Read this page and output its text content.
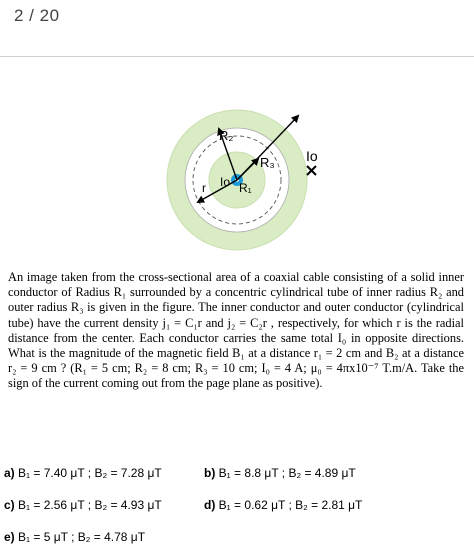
2 / 20
R₂
R₃
R₁
Io
r
Io
An image taken from the cross-sectional area of a coaxial cable consisting of a solid inner conductor of Radius R₁ surrounded by a concentric cylindrical tube of inner radius R₂ and outer radius R₃ is given in the figure. The inner conductor and outer conductor (cylindrical tube) have the current density j₁ = C₁r and j₂ = C₂r , respectively, for which r is the radial distance from the center. Each conductor carries the same total I₀ in opposite directions. What is the magnitude of the magnetic field B₁ at a distance r₁ = 2 cm and B₂ at a distance r₂ = 9 cm ? (R₁ = 5 cm; R₂ = 8 cm; R₃ = 10 cm; I₀ = 4 A; μ₀ = 4πx10⁻⁷ T.m/A. Take the sign of the current coming out from the page plane as positive).
a) B₁ = 7.40 μT ; B₂ = 7.28 μT	b) B₁ = 8.8 μT ; B₂ = 4.89 μT
c) B₁ = 2.56 μT ; B₂ = 4.93 μT	d) B₁ = 0.62 μT ; B₂ = 2.81 μT
e) B₁ = 5 μT ; B₂ = 4.78 μT
